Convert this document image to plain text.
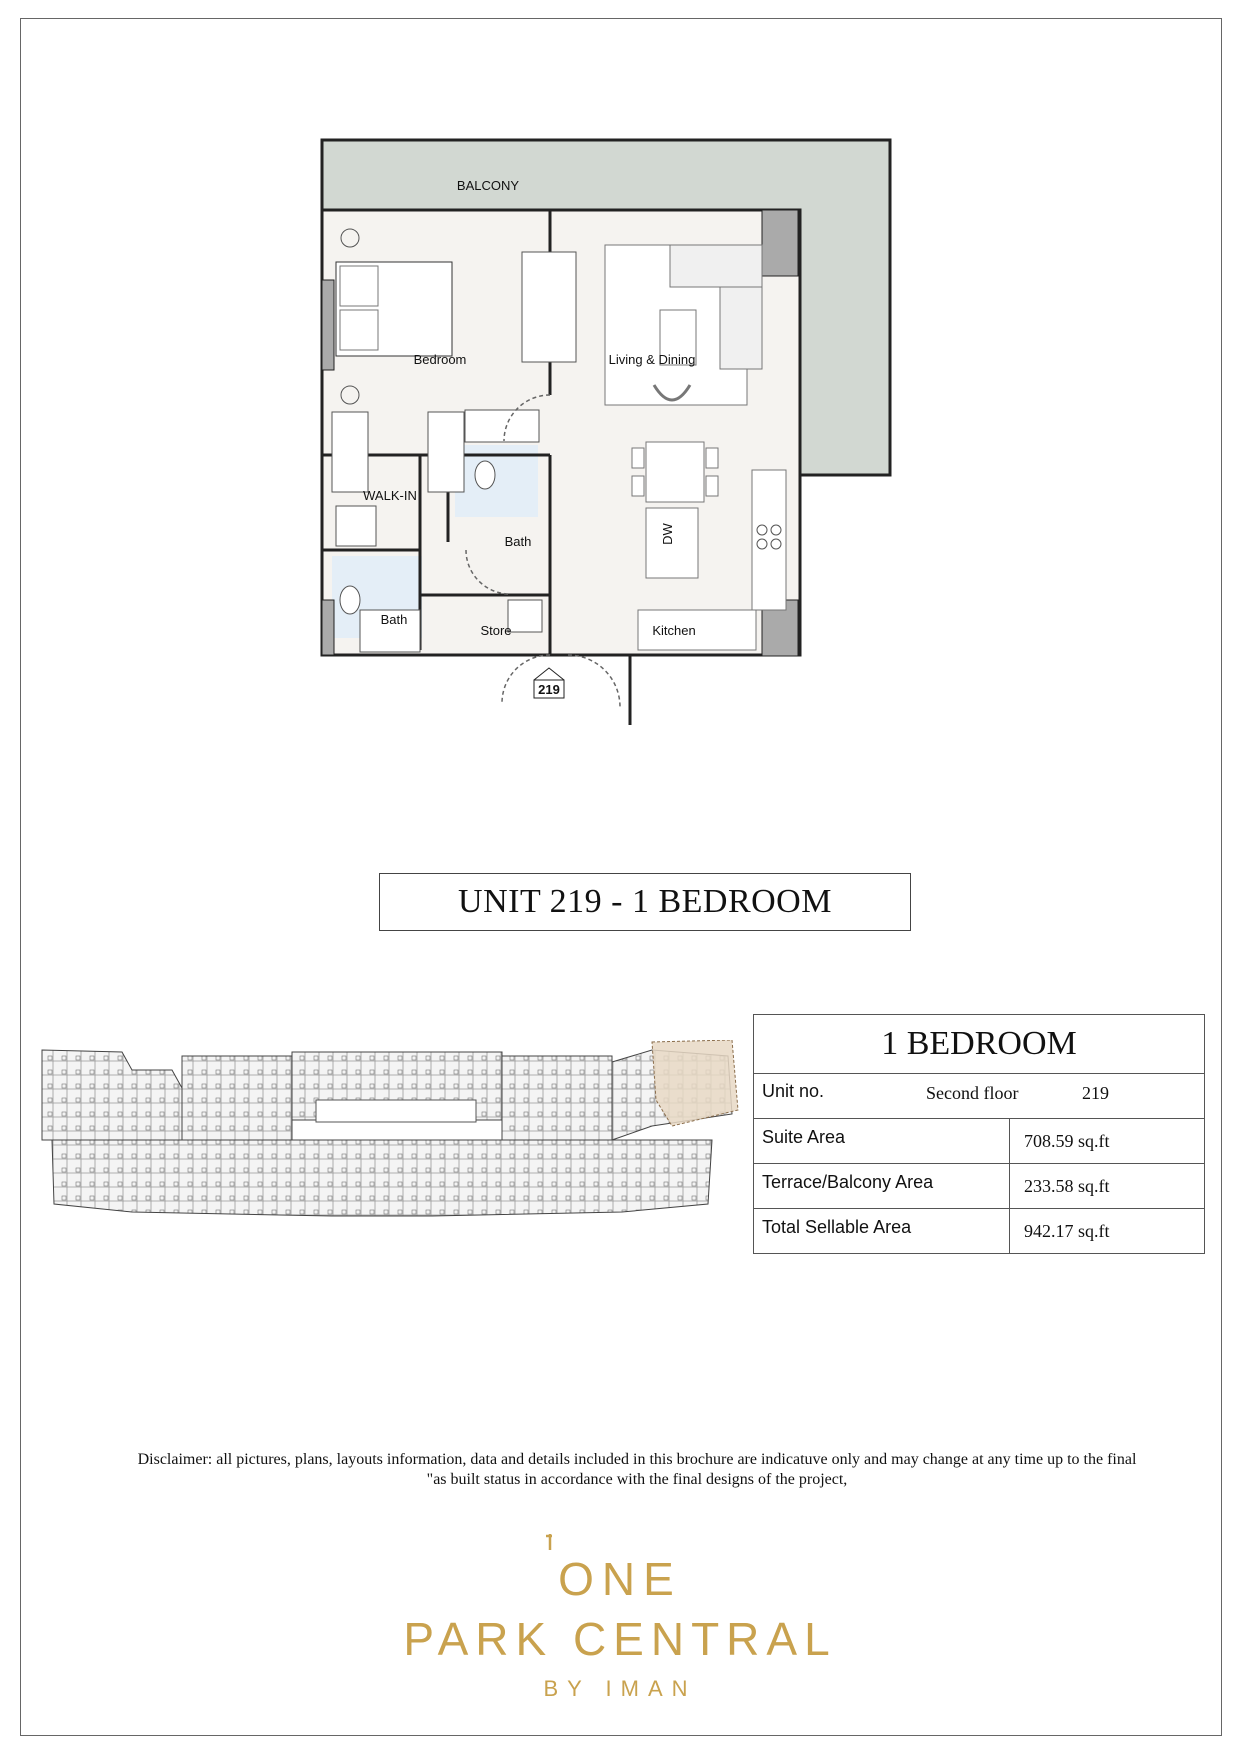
DW
219
BALCONY
Bedroom	Living & Dining
WALK-IN
Bath
Bath
Store	Kitchen
UNIT 219 - 1 BEDROOM
1 BEDROOM	

Unit no. Second floor 219	

Suite Area	708.59 sq.ft

Terrace/Balcony Area	233.58 sq.ft

Total Sellable Area	942.17 sq.ft
Disclaimer: all pictures, plans, layouts information, data and details included in this brochure are indicatuve only and may change at any time up to the final
"as built status in accordance with the final designs of the project,
ONE
PARK CENTRAL
BY IMAN
